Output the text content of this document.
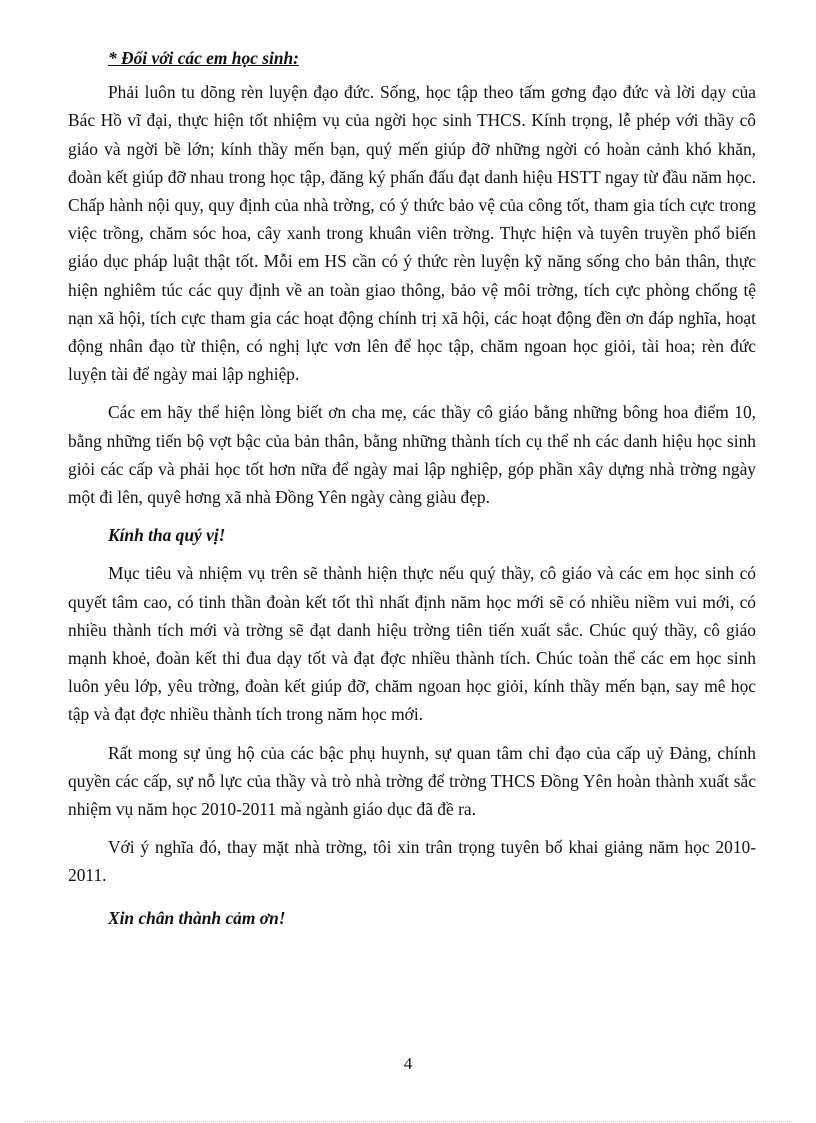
* Đối với các em học sinh:

Phải luôn tu dõng rèn luyện đạo đức. Sống, học tập theo tấm gơng đạo đức và lời dạy của Bác Hồ vĩ đại, thực hiện tốt nhiệm vụ của ngời học sinh THCS. Kính trọng, lễ phép với thầy cô giáo và ngời bề lớn; kính thầy mến bạn, quý mến giúp đỡ những ngời có hoàn cảnh khó khăn, đoàn kết giúp đỡ nhau trong học tập, đăng ký phấn đấu đạt danh hiệu HSTT ngay từ đầu năm học. Chấp hành nội quy, quy định của nhà trờng, có ý thức bảo vệ của công tốt, tham gia tích cực trong việc trồng, chăm sóc hoa, cây xanh trong khuân viên trờng. Thực hiện và tuyên truyền phổ biến giáo dục pháp luật thật tốt. Mỗi em HS cần có ý thức rèn luyện kỹ năng sống cho bản thân, thực hiện nghiêm túc các quy định về an toàn giao thông, bảo vệ môi trờng, tích cực phòng chống tệ nạn xã hội, tích cực tham gia các hoạt động chính trị xã hội, các hoạt động đền ơn đáp nghĩa, hoạt động nhân đạo từ thiện, có nghị lực vơn lên để học tập, chăm ngoan học giỏi, tài hoa; rèn đức luyện tài để ngày mai lập nghiệp.

Các em hãy thể hiện lòng biết ơn cha mẹ, các thầy cô giáo bằng những bông hoa điểm 10, bằng những tiến bộ vợt bậc của bản thân, bằng những thành tích cụ thể nh các danh hiệu học sinh giỏi các cấp và phải học tốt hơn nữa để ngày mai lập nghiệp, góp phần xây dựng nhà trờng ngày một đi lên, quyê hơng xã nhà Đồng Yên ngày càng giàu đẹp.

Kính tha quý vị!

Mục tiêu và nhiệm vụ trên sẽ thành hiện thực nếu quý thầy, cô giáo và các em học sinh có quyết tâm cao, có tinh thần đoàn kết tốt thì nhất định năm học mới sẽ có nhiều niềm vui mới, có nhiều thành tích mới và trờng sẽ đạt danh hiệu trờng tiên tiến xuất sắc. Chúc quý thầy, cô giáo mạnh khoẻ, đoàn kết thi đua dạy tốt và đạt đợc nhiều thành tích. Chúc toàn thể các em học sinh luôn yêu lớp, yêu trờng, đoàn kết giúp đỡ, chăm ngoan học giỏi, kính thầy mến bạn, say mê học tập và đạt đợc nhiều thành tích trong năm học mới.

Rất mong sự ủng hộ của các bậc phụ huynh, sự quan tâm chỉ đạo của cấp uỷ Đảng, chính quyền các cấp, sự nỗ lực của thầy và trò nhà trờng để trờng THCS Đồng Yên hoàn thành xuất sắc nhiệm vụ năm học 2010-2011 mà ngành giáo dục đã đề ra.

Với ý nghĩa đó, thay mặt nhà trờng, tôi xin trân trọng tuyên bố khai giảng năm học 2010-2011.

Xin chân thành cảm ơn!

4
